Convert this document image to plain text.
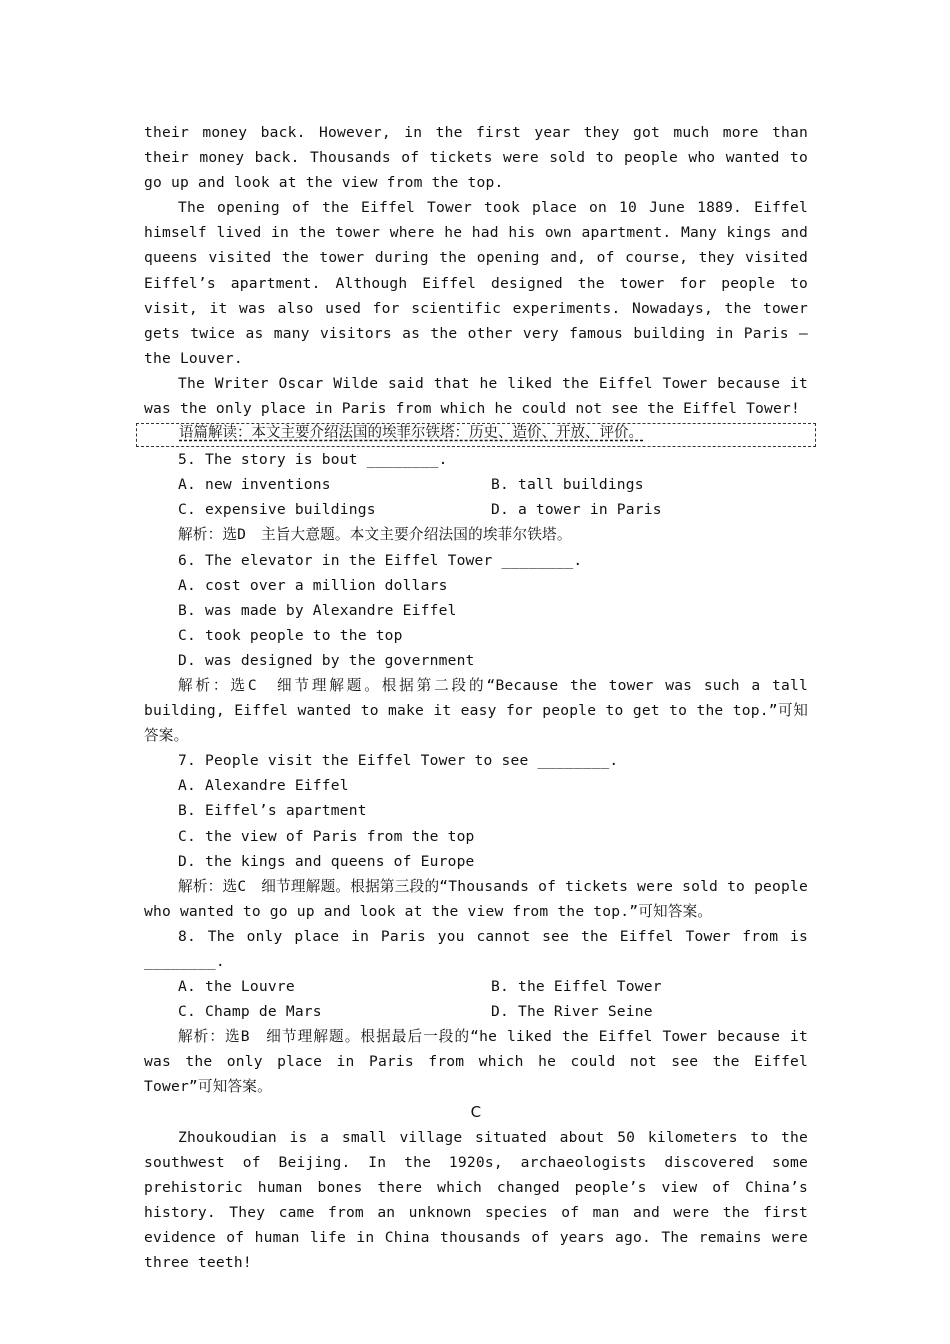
their money back. However, in the first year they got much more than their money back. Thousands of tickets were sold to people who wanted to go up and look at the view from the top.

The opening of the Eiffel Tower took place on 10 June 1889. Eiffel himself lived in the tower where he had his own apartment. Many kings and queens visited the tower during the opening and, of course, they visited Eiffel’s apartment. Although Eiffel designed the tower for people to visit, it was also used for scientific experiments. Nowadays, the tower gets twice as many visitors as the other very famous building in Paris — the Louver.

The Writer Oscar Wilde said that he liked the Eiffel Tower because it was the only place in Paris from which he could not see the Eiffel Tower!

语篇解读：本文主要介绍法国的埃菲尔铁塔：历史、造价、开放、评价。

5. The story is bout ________.

A. new inventions	B. tall buildings
C. expensive buildings	D. a tower in Paris

解析：选D　主旨大意题。本文主要介绍法国的埃菲尔铁塔。

6. The elevator in the Eiffel Tower ________.

A. cost over a million dollars

B. was made by Alexandre Eiffel

C. took people to the top

D. was designed by the government

解析：选C　细节理解题。根据第二段的“Because the tower was such a tall building, Eiffel wanted to make it easy for people to get to the top.”可知答案。

7. People visit the Eiffel Tower to see ________.

A. Alexandre Eiffel

B. Eiffel’s apartment

C. the view of Paris from the top

D. the kings and queens of Europe

解析：选C　细节理解题。根据第三段的“Thousands of tickets were sold to people who wanted to go up and look at the view from the top.”可知答案。

8. The only place in Paris you cannot see the Eiffel Tower from is ________.

A. the Louvre	B. the Eiffel Tower
C. Champ de Mars	D. The River Seine

解析：选B　细节理解题。根据最后一段的“he liked the Eiffel Tower because it was the only place in Paris from which he could not see the Eiffel Tower”可知答案。

C

Zhoukoudian is a small village situated about 50 kilometers to the southwest of Beijing. In the 1920s, archaeologists discovered some prehistoric human bones there which changed people’s view of China’s history. They came from an unknown species of man and were the first evidence of human life in China thousands of years ago. The remains were three teeth!
